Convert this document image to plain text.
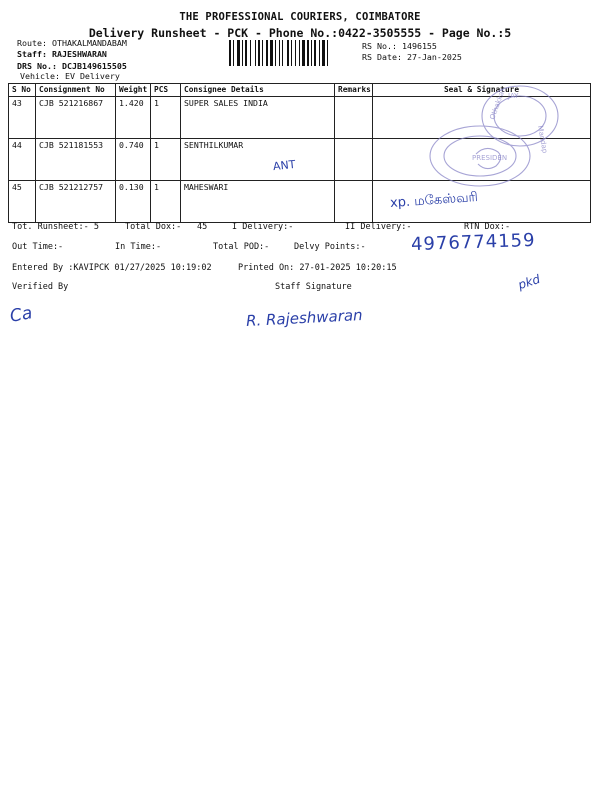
THE PROFESSIONAL COURIERS, COIMBATORE
Delivery Runsheet - PCK - Phone No.:0422-3505555 - Page No.:5
Route: OTHAKALMANDABAM
Staff: RAJESHWARAN
DRS No.: DCJB149615505
Vehicle: EV Delivery
RS No.: 1496155
RS Date: 27-Jan-2025
S No	Consignment No	Weight	PCS	Consignee Details	Remarks	Seal & Signature
43	CJB 521216867	1.420	1	SUPER SALES INDIA		
44	CJB 521181553	0.740	1	SENTHILKUMAR		
45	CJB 521212757	0.130	1	MAHESWARI		
JAY
Othakkal
Mandap
PRESIDEN
ANT
xp. மகேஸ்வரி
4976774159
pkd
Ca	R. Rajeshwaran
Tot. Runsheet:- 5	Total Dox:- 45	I Delivery:-	II Delivery:-	RTN Dox:-
Out Time:-	In Time:-	Total POD:-	Delvy Points:-
Entered By :KAVIPCK 01/27/2025 10:19:02	Printed On: 27-01-2025 10:20:15
Verified By	Staff Signature
